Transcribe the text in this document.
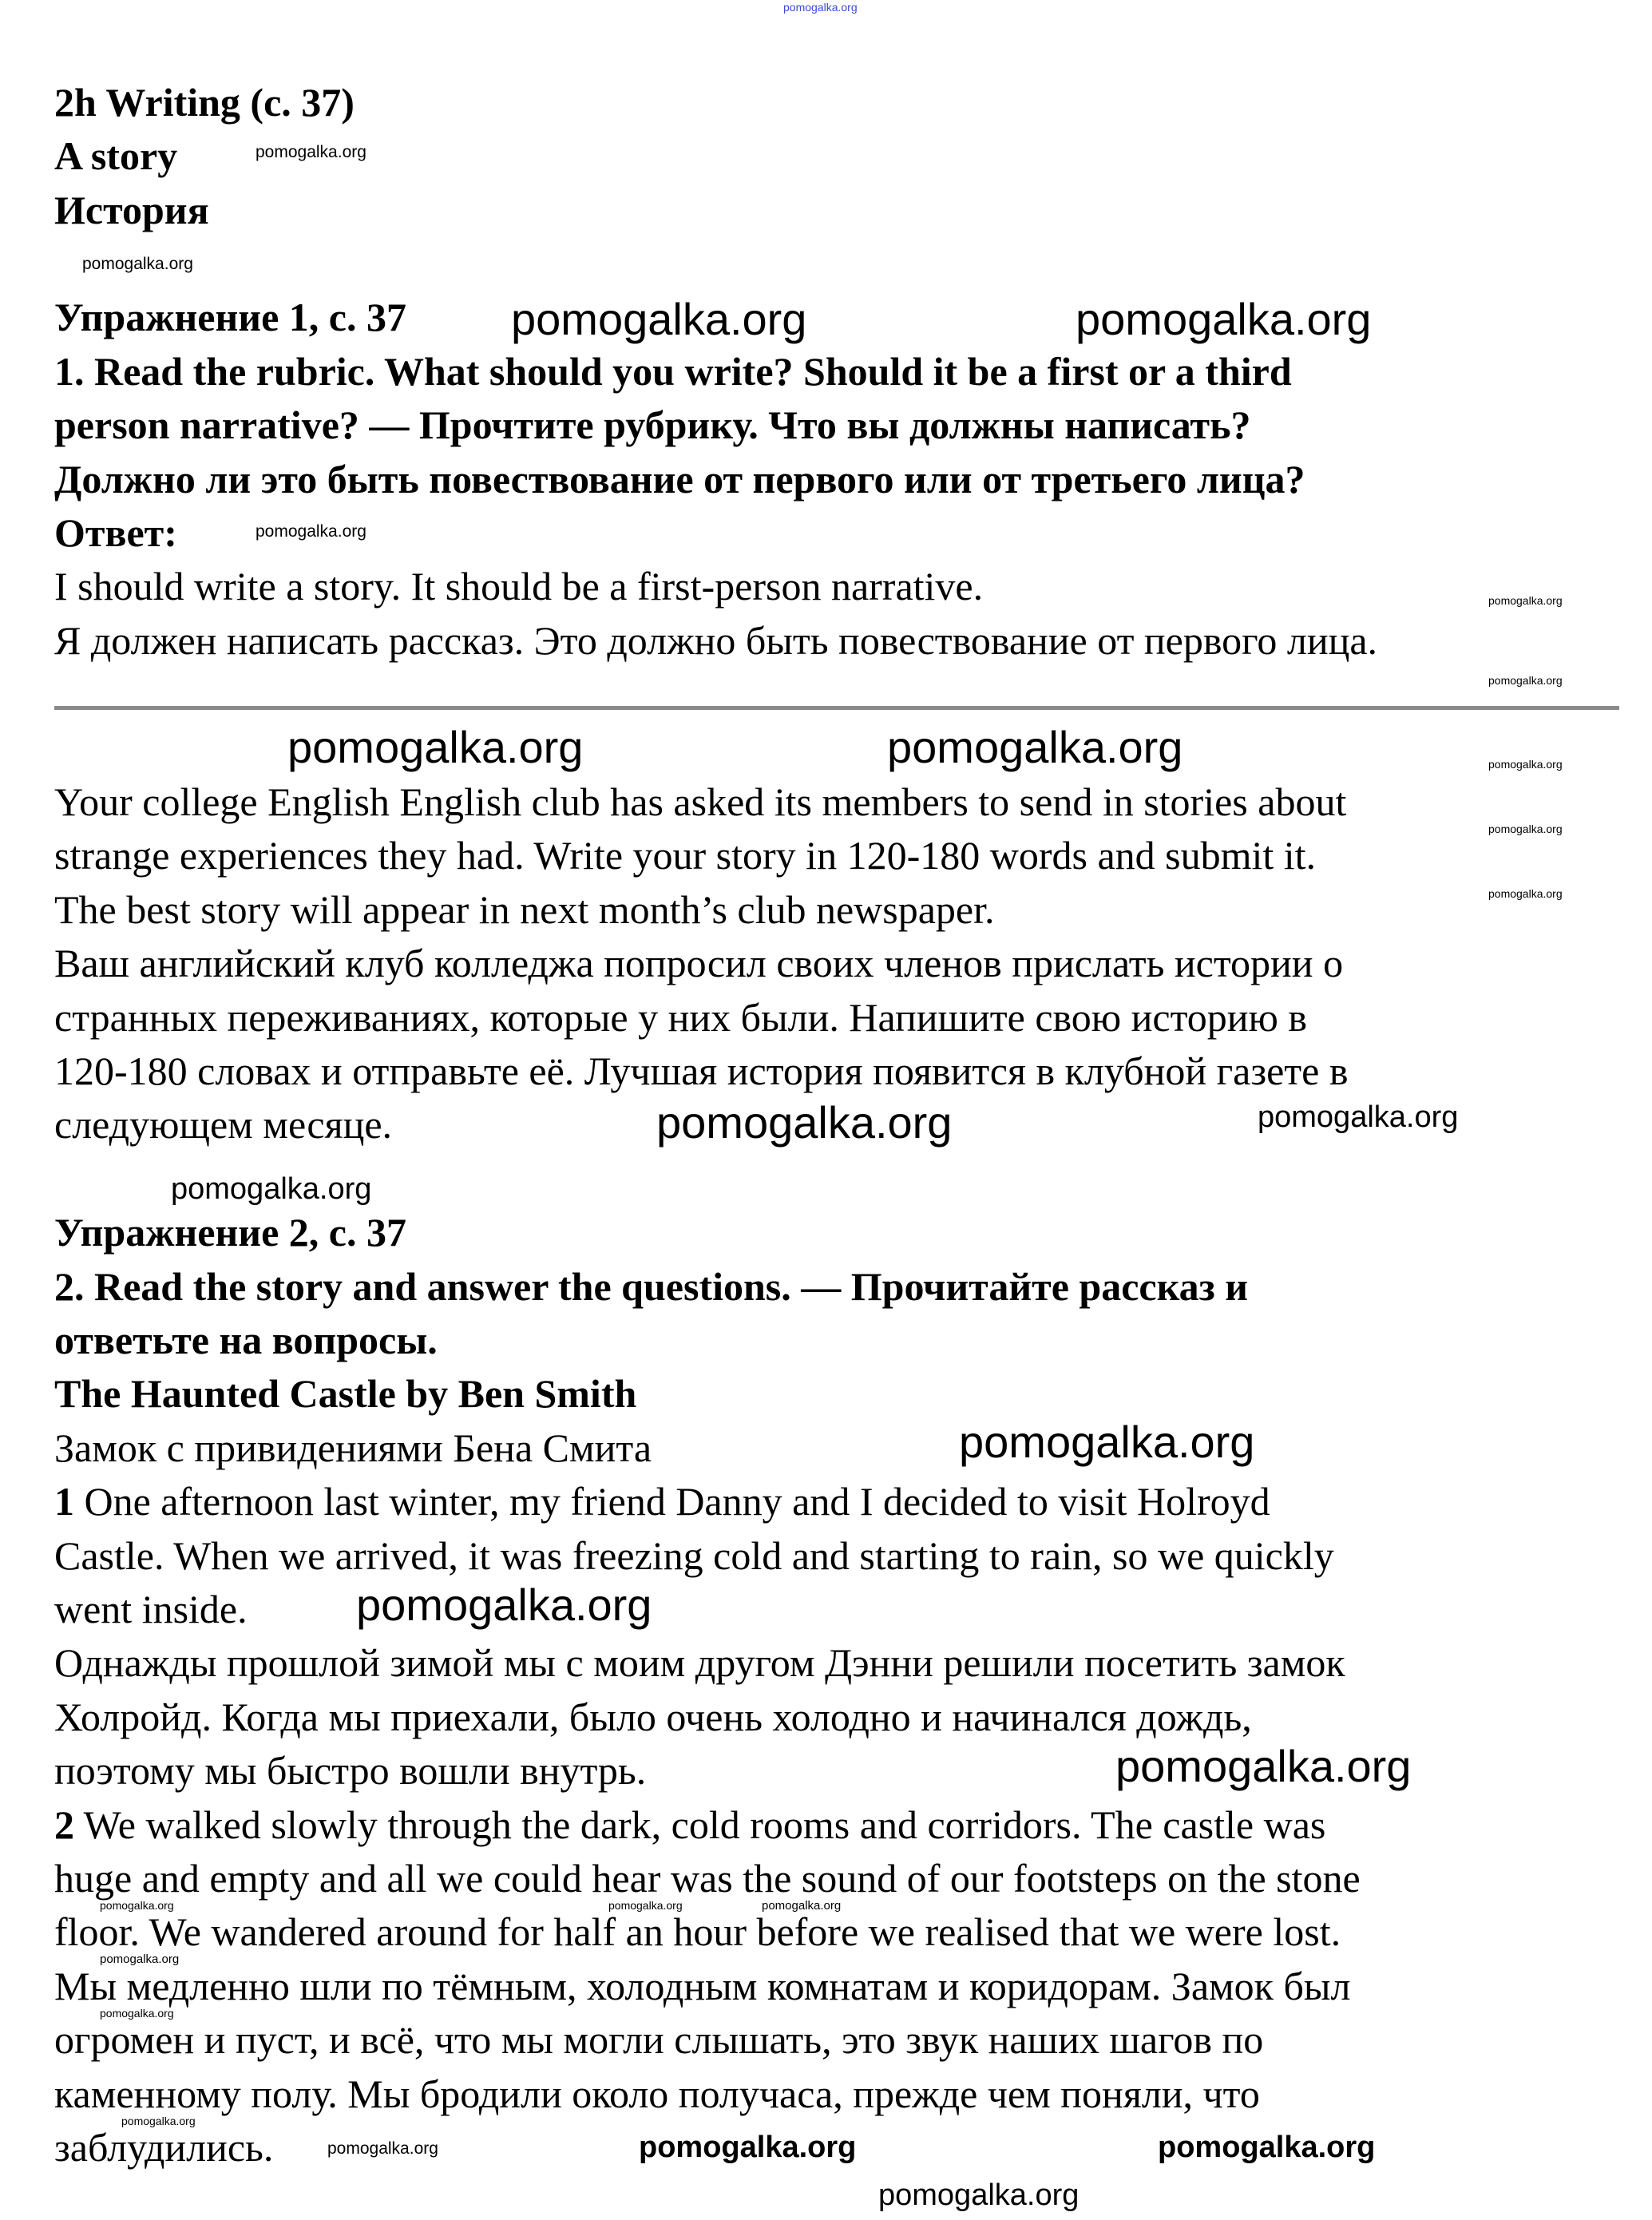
2h Writing (c. 37)
A story
История
Упражнение 1, с. 37
1. Read the rubric. What should you write? Should it be a first or a third
person narrative? — Прочтите рубрику. Что вы должны написать?
Должно ли это быть повествование от первого или от третьего лица?
Ответ:
I should write a story. It should be a first-person narrative.
Я должен написать рассказ. Это должно быть повествование от первого лица.
Your college English English club has asked its members to send in stories about
strange experiences they had. Write your story in 120-180 words and submit it.
The best story will appear in next month’s club newspaper.
Ваш английский клуб колледжа попросил своих членов прислать истории о
странных переживаниях, которые у них были. Напишите свою историю в
120-180 словах и отправьте её. Лучшая история появится в клубной газете в
следующем месяце.
Упражнение 2, с. 37
2. Read the story and answer the questions. — Прочитайте рассказ и
ответьте на вопросы.
The Haunted Castle by Ben Smith
Замок с привидениями Бена Смита
1 One afternoon last winter, my friend Danny and I decided to visit Holroyd
Castle. When we arrived, it was freezing cold and starting to rain, so we quickly
went inside.
Однажды прошлой зимой мы с моим другом Дэнни решили посетить замок
Холройд. Когда мы приехали, было очень холодно и начинался дождь,
поэтому мы быстро вошли внутрь.
2 We walked slowly through the dark, cold rooms and corridors. The castle was
huge and empty and all we could hear was the sound of our footsteps on the stone
floor. We wandered around for half an hour before we realised that we were lost.
Мы медленно шли по тёмным, холодным комнатам и коридорам. Замок был
огромен и пуст, и всё, что мы могли слышать, это звук наших шагов по
каменному полу. Мы бродили около получаса, прежде чем поняли, что
заблудились.
pomogalka.org
pomogalka.org
pomogalka.org
pomogalka.org	pomogalka.org
pomogalka.org
pomogalka.org
pomogalka.org
pomogalka.org	pomogalka.org	pomogalka.org
pomogalka.org
pomogalka.org
pomogalka.org	pomogalka.org
pomogalka.org
pomogalka.org
pomogalka.org
pomogalka.org
pomogalka.org	pomogalka.org	pomogalka.org
pomogalka.org
pomogalka.org
pomogalka.org
pomogalka.org
pomogalka.org	pomogalka.org	pomogalka.org
